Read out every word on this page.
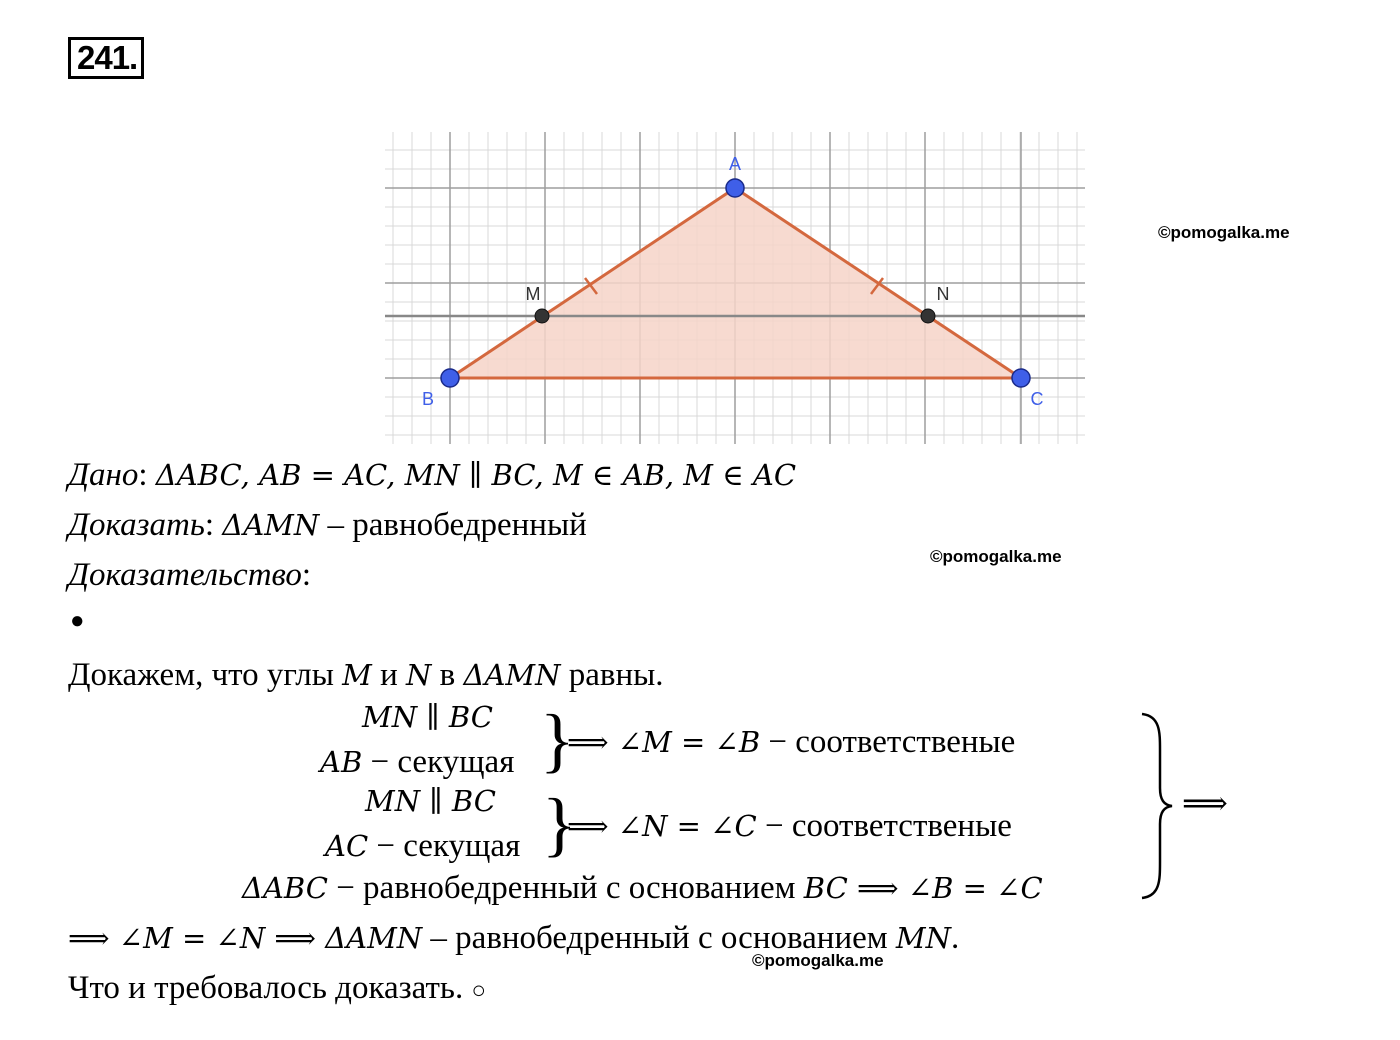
241.
A
B	C
M	N
©pomogalka.me
©pomogalka.me
©pomogalka.me
Дано: ΔABC, AB = AC, MN ∥ BC, M ∈ AB, M ∈ AC
Доказать: ΔAMN – равнобедренный
Доказательство:
●
Докажем, что углы M и N в ΔAMN равны.
MN ∥ BC
AB − секущая }
⟹ ∠M = ∠B − соответственые
MN ∥ BC
AC − секущая }
⟹ ∠N = ∠C − соответственые
ΔABC − равнобедренный с основанием BC ⟹ ∠B = ∠C
⟹
⟹ ∠M = ∠N ⟹ ΔAMN – равнобедренный с основанием MN.
Что и требовалось доказать. ○
